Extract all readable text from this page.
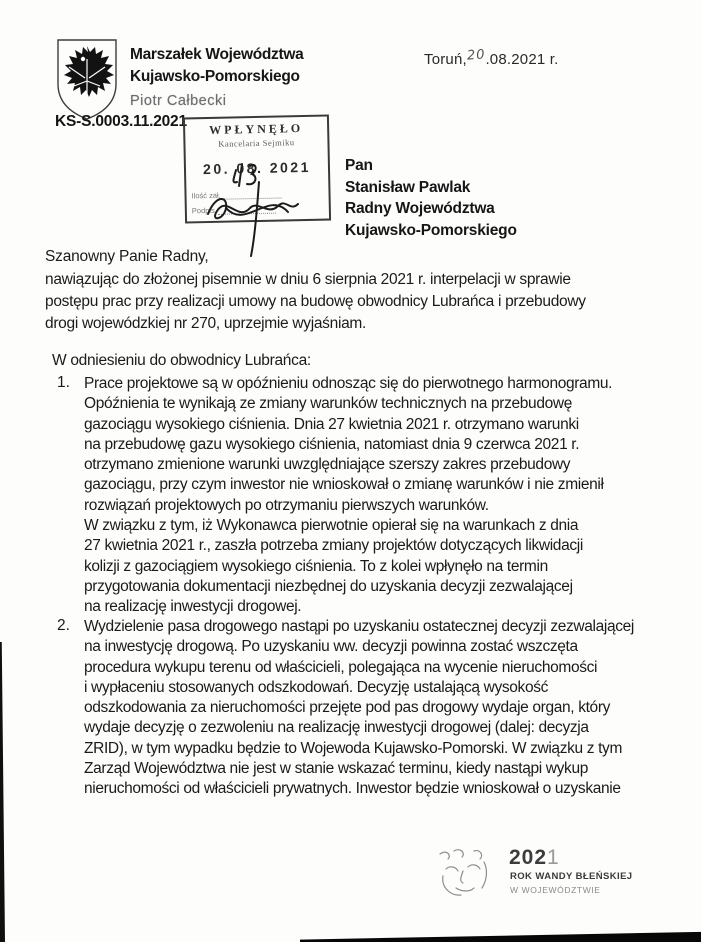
Marszałek Województwa
Kujawsko-Pomorskiego
Piotr Całbecki
Toruń,20.08.2021 r.
KS-S.0003.11.2021	WPŁYNĘŁO
Kancelaria Sejmiku
20. 08. 2021
Ilość zał.
Podpis
Pan
Stanisław Pawlak
Radny Województwa
Kujawsko-Pomorskiego
Szanowny Panie Radny,
nawiązując do złożonej pisemnie w dniu 6 sierpnia 2021 r. interpelacji w sprawie
postępu prac przy realizacji umowy na budowę obwodnicy Lubrańca i przebudowy
drogi wojewódzkiej nr 270, uprzejmie wyjaśniam.
W odniesieniu do obwodnicy Lubrańca:
1. Prace projektowe są w opóźnieniu odnosząc się do pierwotnego harmonogramu.
Opóźnienia te wynikają ze zmiany warunków technicznych na przebudowę
gazociągu wysokiego ciśnienia. Dnia 27 kwietnia 2021 r. otrzymano warunki
na przebudowę gazu wysokiego ciśnienia, natomiast dnia 9 czerwca 2021 r.
otrzymano zmienione warunki uwzględniające szerszy zakres przebudowy
gazociągu, przy czym inwestor nie wnioskował o zmianę warunków i nie zmienił
rozwiązań projektowych po otrzymaniu pierwszych warunków.
W związku z tym, iż Wykonawca pierwotnie opierał się na warunkach z dnia
27 kwietnia 2021 r., zaszła potrzeba zmiany projektów dotyczących likwidacji
kolizji z gazociągiem wysokiego ciśnienia. To z kolei wpłynęło na termin
przygotowania dokumentacji niezbędnej do uzyskania decyzji zezwalającej
na realizację inwestycji drogowej.
2. Wydzielenie pasa drogowego nastąpi po uzyskaniu ostatecznej decyzji zezwalającej
na inwestycję drogową. Po uzyskaniu ww. decyzji powinna zostać wszczęta
procedura wykupu terenu od właścicieli, polegająca na wycenie nieruchomości
i wypłaceniu stosowanych odszkodowań. Decyzję ustalającą wysokość
odszkodowania za nieruchomości przejęte pod pas drogowy wydaje organ, który
wydaje decyzję o zezwoleniu na realizację inwestycji drogowej (dalej: decyzja
ZRID), w tym wypadku będzie to Wojewoda Kujawsko-Pomorski. W związku z tym
Zarząd Województwa nie jest w stanie wskazać terminu, kiedy nastąpi wykup
nieruchomości od właścicieli prywatnych. Inwestor będzie wnioskował o uzyskanie
2021
ROK WANDY BŁEŃSKIEJ
W WOJEWÓDZTWIE
